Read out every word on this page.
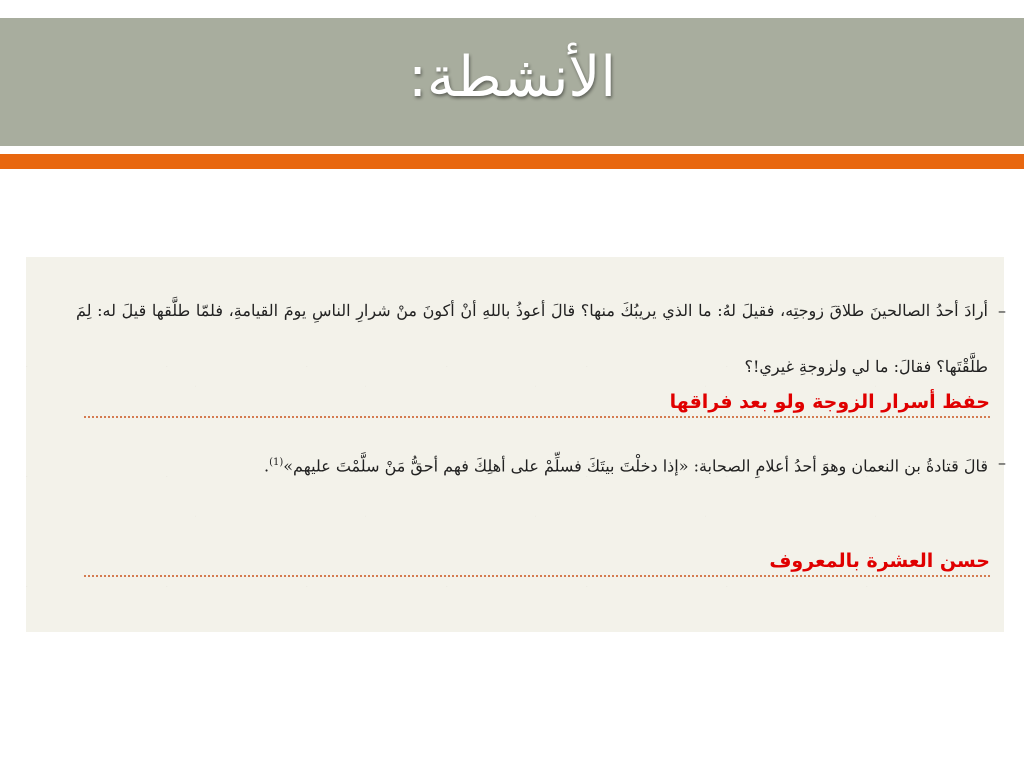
الأنشطة:
–
أرادَ أحدُ الصالحينَ طلاقَ زوجتِه، فقيلَ لهُ: ما الذي يريبُكَ منها؟ قالَ أعوذُ باللهِ أنْ أكونَ منْ شرارِ الناسِ يومَ القيامةِ، فلمّا طلَّقها قيلَ له: لِمَ طلَّقْتَها؟ فقالَ: ما لي ولزوجةِ غيري!؟
حفظ أسرار الزوجة ولو بعد فراقها
–
قالَ قتادةُ بن النعمان وهوَ أحدُ أعلامِ الصحابة: «إذا دخلْتَ بيتَكَ فسلِّمْ على أهلِكَ فهم أحقُّ مَنْ سلَّمْتَ عليهم»$^{(1)}$.
حسن العشرة بالمعروف
